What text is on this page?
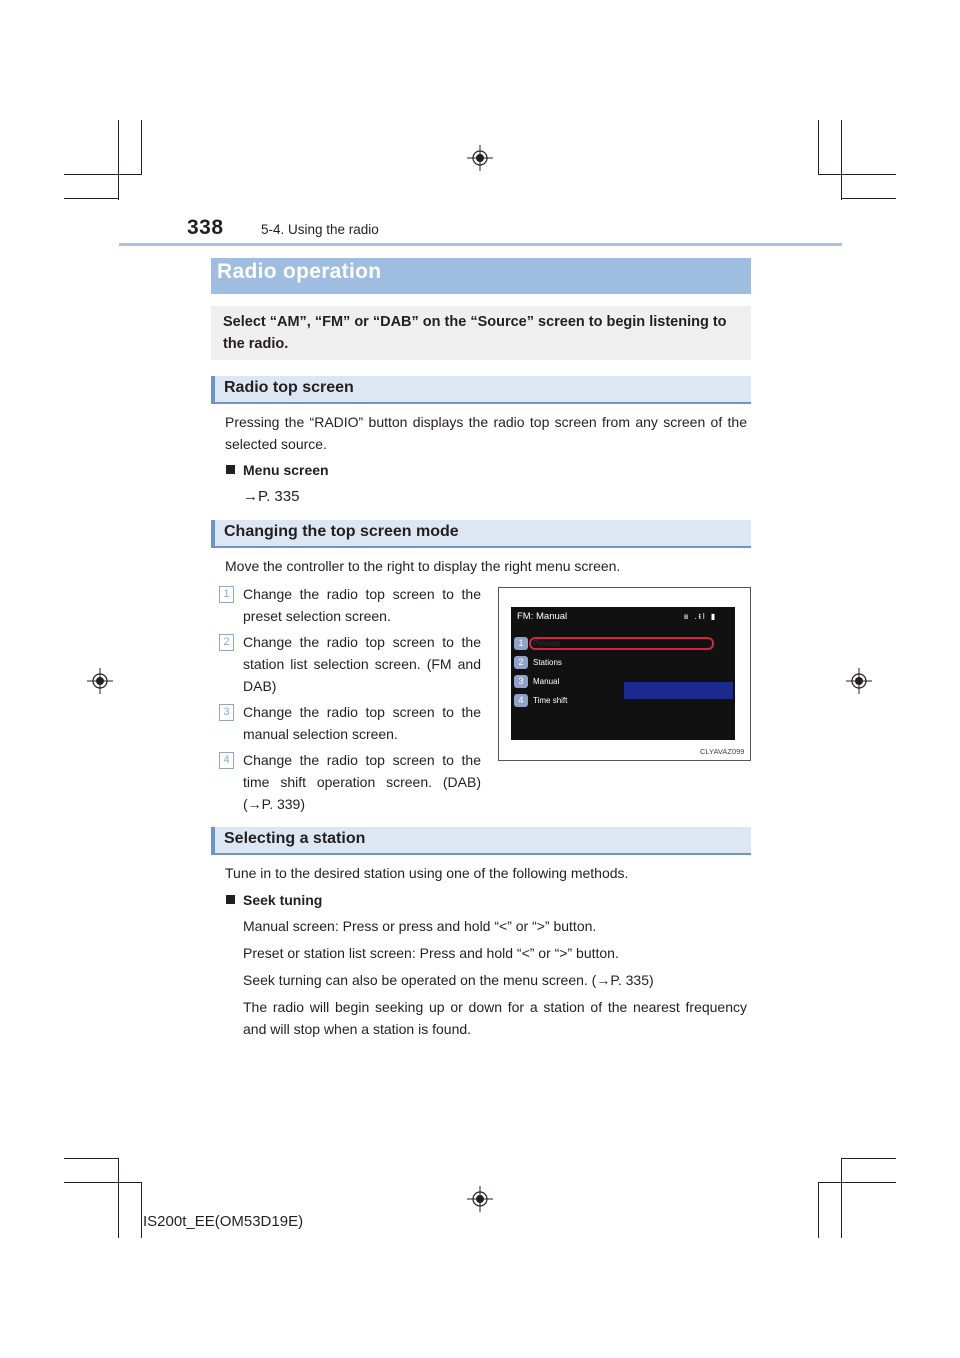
338	5-4. Using the radio
Radio operation
Select “AM”, “FM” or “DAB” on the “Source” screen to begin listening to the radio.
Radio top screen
Pressing the “RADIO” button displays the radio top screen from any screen of the selected source.
Menu screen
→P. 335
Changing the top screen mode
Move the controller to the right to display the right menu screen.
1 Change the radio top screen to the preset selection screen.
2 Change the radio top screen to the station list selection screen. (FM and DAB)
3 Change the radio top screen to the manual selection screen.
4 Change the radio top screen to the time shift operation screen. (DAB) (→P. 339)
FM: Manual	ʙ .ᵵl ▮
1	Presets
2	Stations
3	Manual
4	Time shift
CLYAVAZ099
Selecting a station
Tune in to the desired station using one of the following methods.
Seek tuning
Manual screen: Press or press and hold “<” or “>” button.
Preset or station list screen: Press and hold “<” or “>” button.
Seek turning can also be operated on the menu screen. (→P. 335)
The radio will begin seeking up or down for a station of the nearest frequency and will stop when a station is found.
IS200t_EE(OM53D19E)
